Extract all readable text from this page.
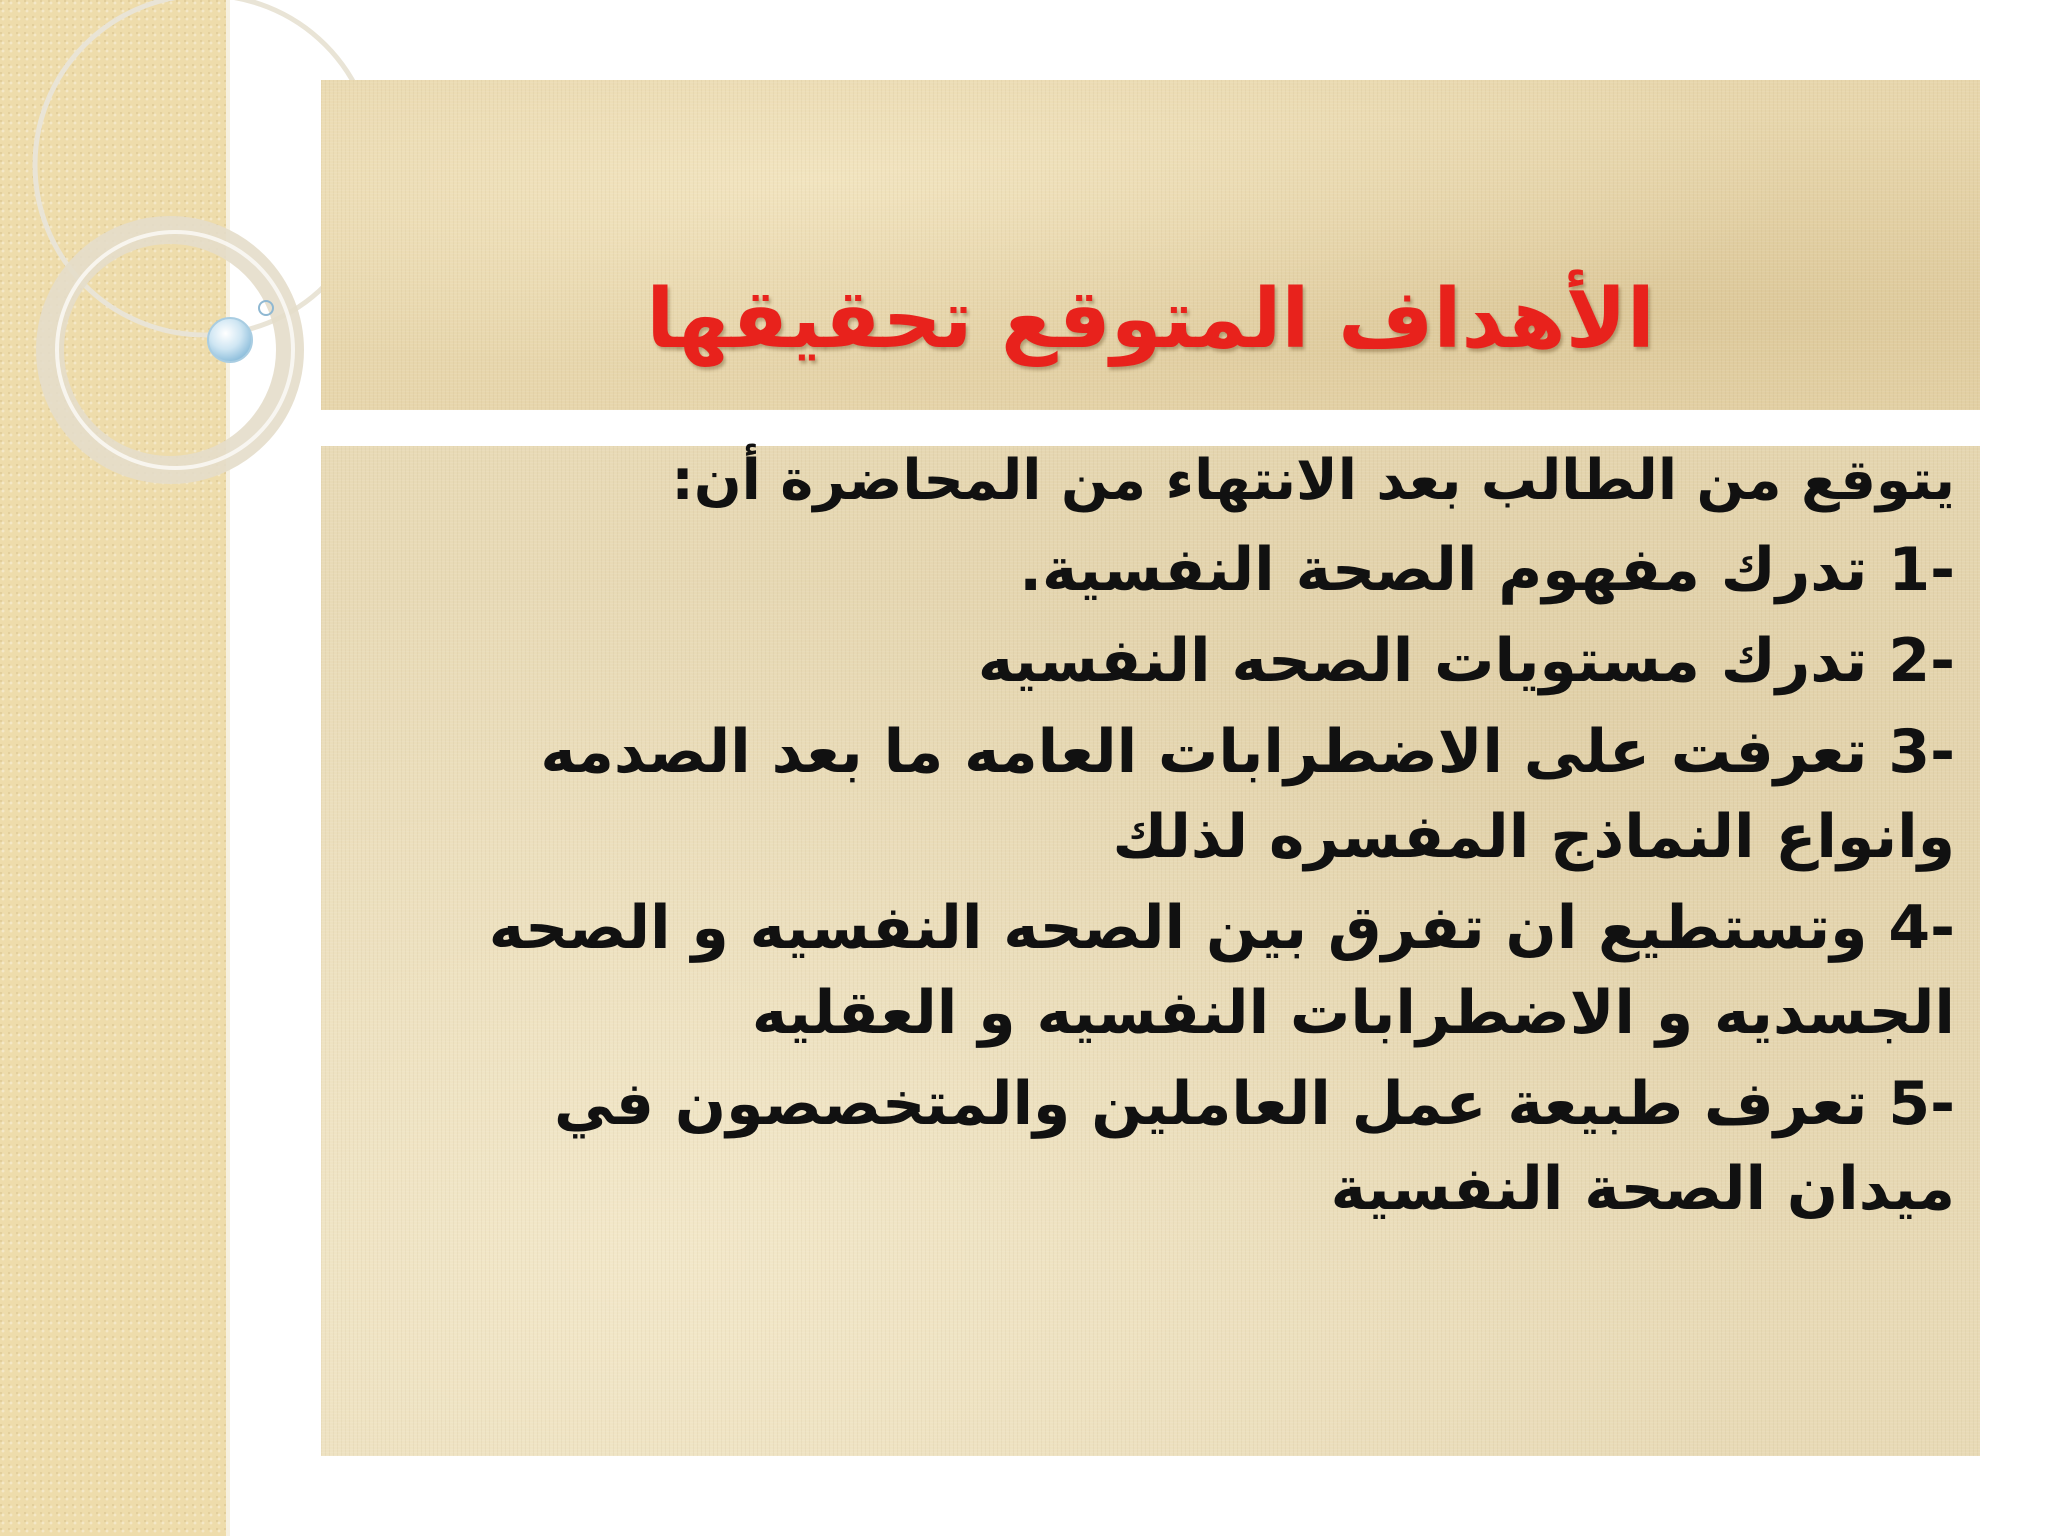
الأهداف المتوقع تحقيقها

يتوقع من الطالب بعد الانتهاء من المحاضرة أن:

1- تدرك مفهوم الصحة النفسية.
2- تدرك مستويات الصحه النفسيه
3- تعرفت على الاضطرابات العامه ما بعد الصدمه وانواع النماذج المفسره لذلك
4- وتستطيع ان تفرق بين الصحه النفسيه و الصحه الجسديه و الاضطرابات النفسيه و العقليه
5- تعرف طبيعة عمل العاملين والمتخصصون في ميدان الصحة النفسية
